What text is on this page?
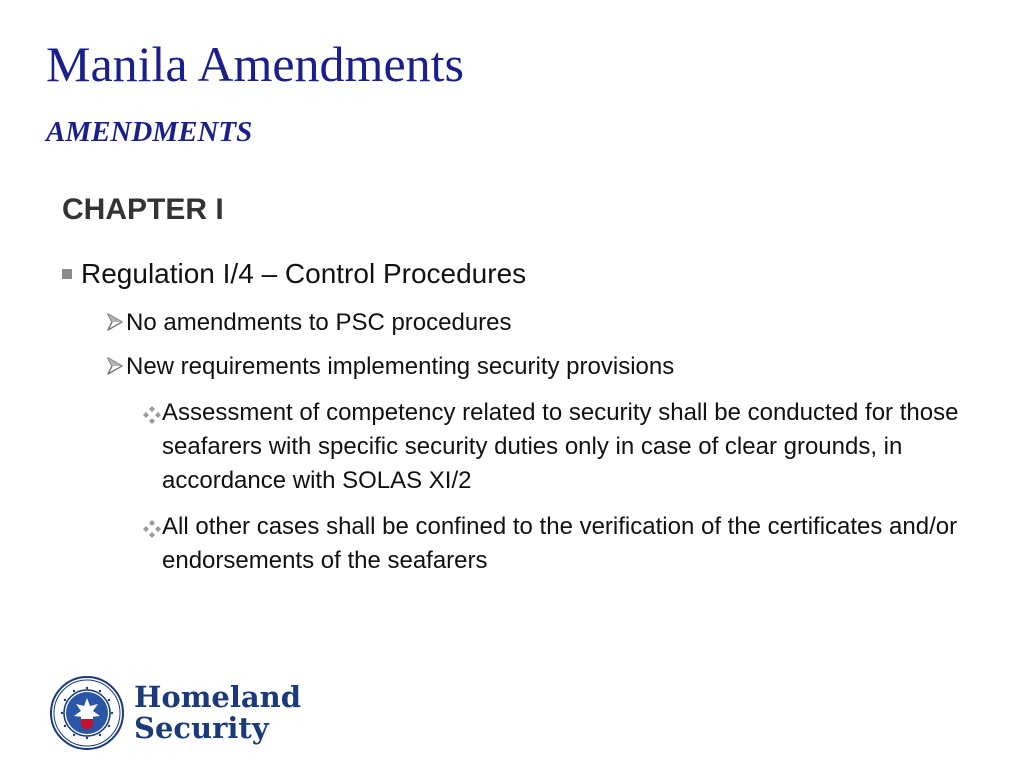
Manila Amendments
AMENDMENTS
CHAPTER I
Regulation I/4 – Control Procedures
No amendments to PSC procedures
New requirements implementing security provisions
Assessment of competency related to security shall be conducted for those seafarers with specific security duties only in case of clear grounds, in accordance with SOLAS XI/2
All other cases shall be confined to the verification of the certificates and/or endorsements of the seafarers
Homeland
Security
